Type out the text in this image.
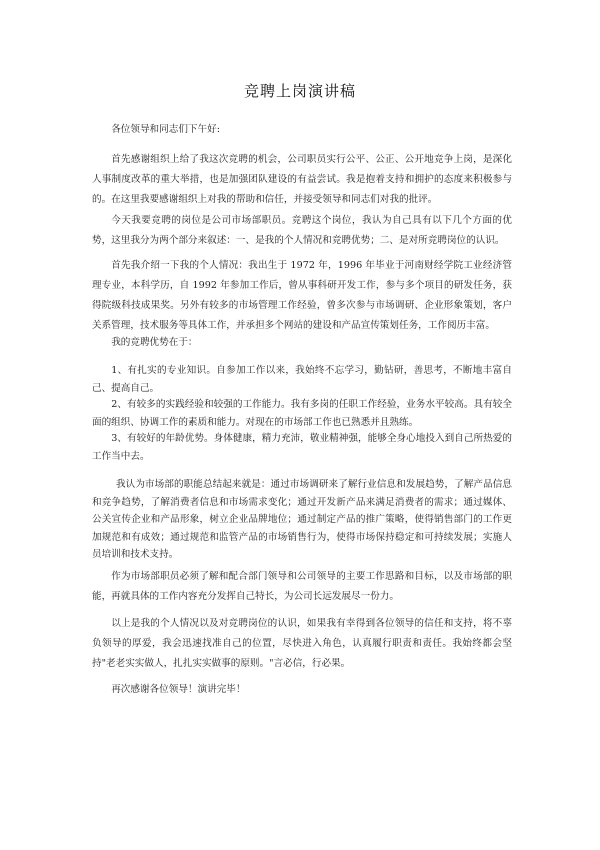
竞聘上岗演讲稿

各位领导和同志们下午好:

首先感谢组织上给了我这次竞聘的机会，公司职员实行公平、公正、公开地竞争上岗，是深化人事制度改革的重大举措，也是加强团队建设的有益尝试。我是抱着支持和拥护的态度来积极参与的。在这里我要感谢组织上对我的帮助和信任，并接受领导和同志们对我的批评。

今天我要竞聘的岗位是公司市场部职员。竞聘这个岗位，我认为自己具有以下几个方面的优势，这里我分为两个部分来叙述：一、是我的个人情况和竞聘优势；二、是对所竞聘岗位的认识。

首先我介绍一下我的个人情况：我出生于 1972 年，1996 年毕业于河南财经学院工业经济管理专业，本科学历，自 1992 年参加工作后，曾从事科研开发工作，参与多个项目的研发任务，获得院级科技成果奖。另外有较多的市场管理工作经验，曾多次参与市场调研、企业形象策划，客户关系管理，技术服务等具体工作，并承担多个网站的建设和产品宣传策划任务，工作阅历丰富。

我的竞聘优势在于：

1、有扎实的专业知识。自参加工作以来，我始终不忘学习，勤钻研，善思考，不断地丰富自己、提高自己。

2、有较多的实践经验和较强的工作能力。我有多岗的任职工作经验，业务水平较高。具有较全面的组织、协调工作的素质和能力。对现在的市场部工作也已熟悉并且熟练。

3、有较好的年龄优势。身体健康，精力充沛，敬业精神强，能够全身心地投入到自己所热爱的工作当中去。

我认为市场部的职能总结起来就是：通过市场调研来了解行业信息和发展趋势，了解产品信息和竞争趋势，了解消费者信息和市场需求变化；通过开发新产品来满足消费者的需求；通过媒体、公关宣传企业和产品形象，树立企业品牌地位；通过制定产品的推广策略，使得销售部门的工作更加规范和有成效；通过规范和监管产品的市场销售行为，使得市场保持稳定和可持续发展；实施人员培训和技术支持。

作为市场部职员必须了解和配合部门领导和公司领导的主要工作思路和目标，以及市场部的职能，再就具体的工作内容充分发挥自己特长，为公司长远发展尽一份力。

以上是我的个人情况以及对竞聘岗位的认识，如果我有幸得到各位领导的信任和支持，将不辜负领导的厚爱，我会迅速找准自己的位置，尽快进入角色，认真履行职责和责任。我始终都会坚持"老老实实做人，扎扎实实做事的原则。"言必信，行必果。

再次感谢各位领导！演讲完毕！
